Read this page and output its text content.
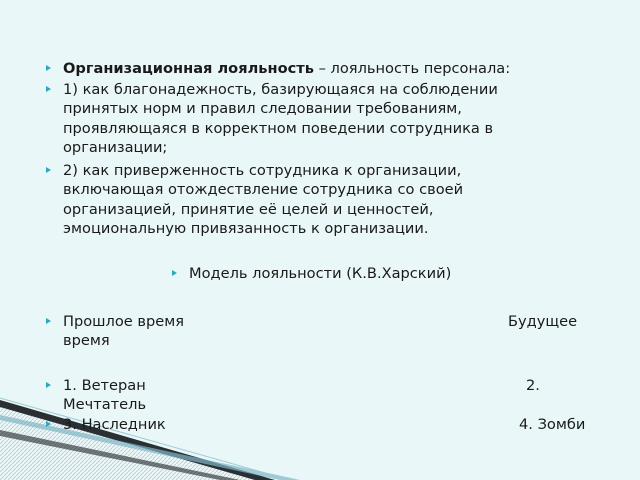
Организационная лояльность – лояльность персонала:
1) как благонадежность, базирующаяся на соблюдении
принятых норм и правил следовании требованиям,
проявляющаяся в корректном поведении сотрудника в
организации;
2) как приверженность сотрудника к организации,
включающая отождествление сотрудника со своей
организацией, принятие её целей и ценностей,
эмоциональную привязанность к организации.
Модель лояльности (К.В.Харский)
Прошлое время	Будущее
время
1. Ветеран	2.
Мечтатель
3. Наследник	4. Зомби
